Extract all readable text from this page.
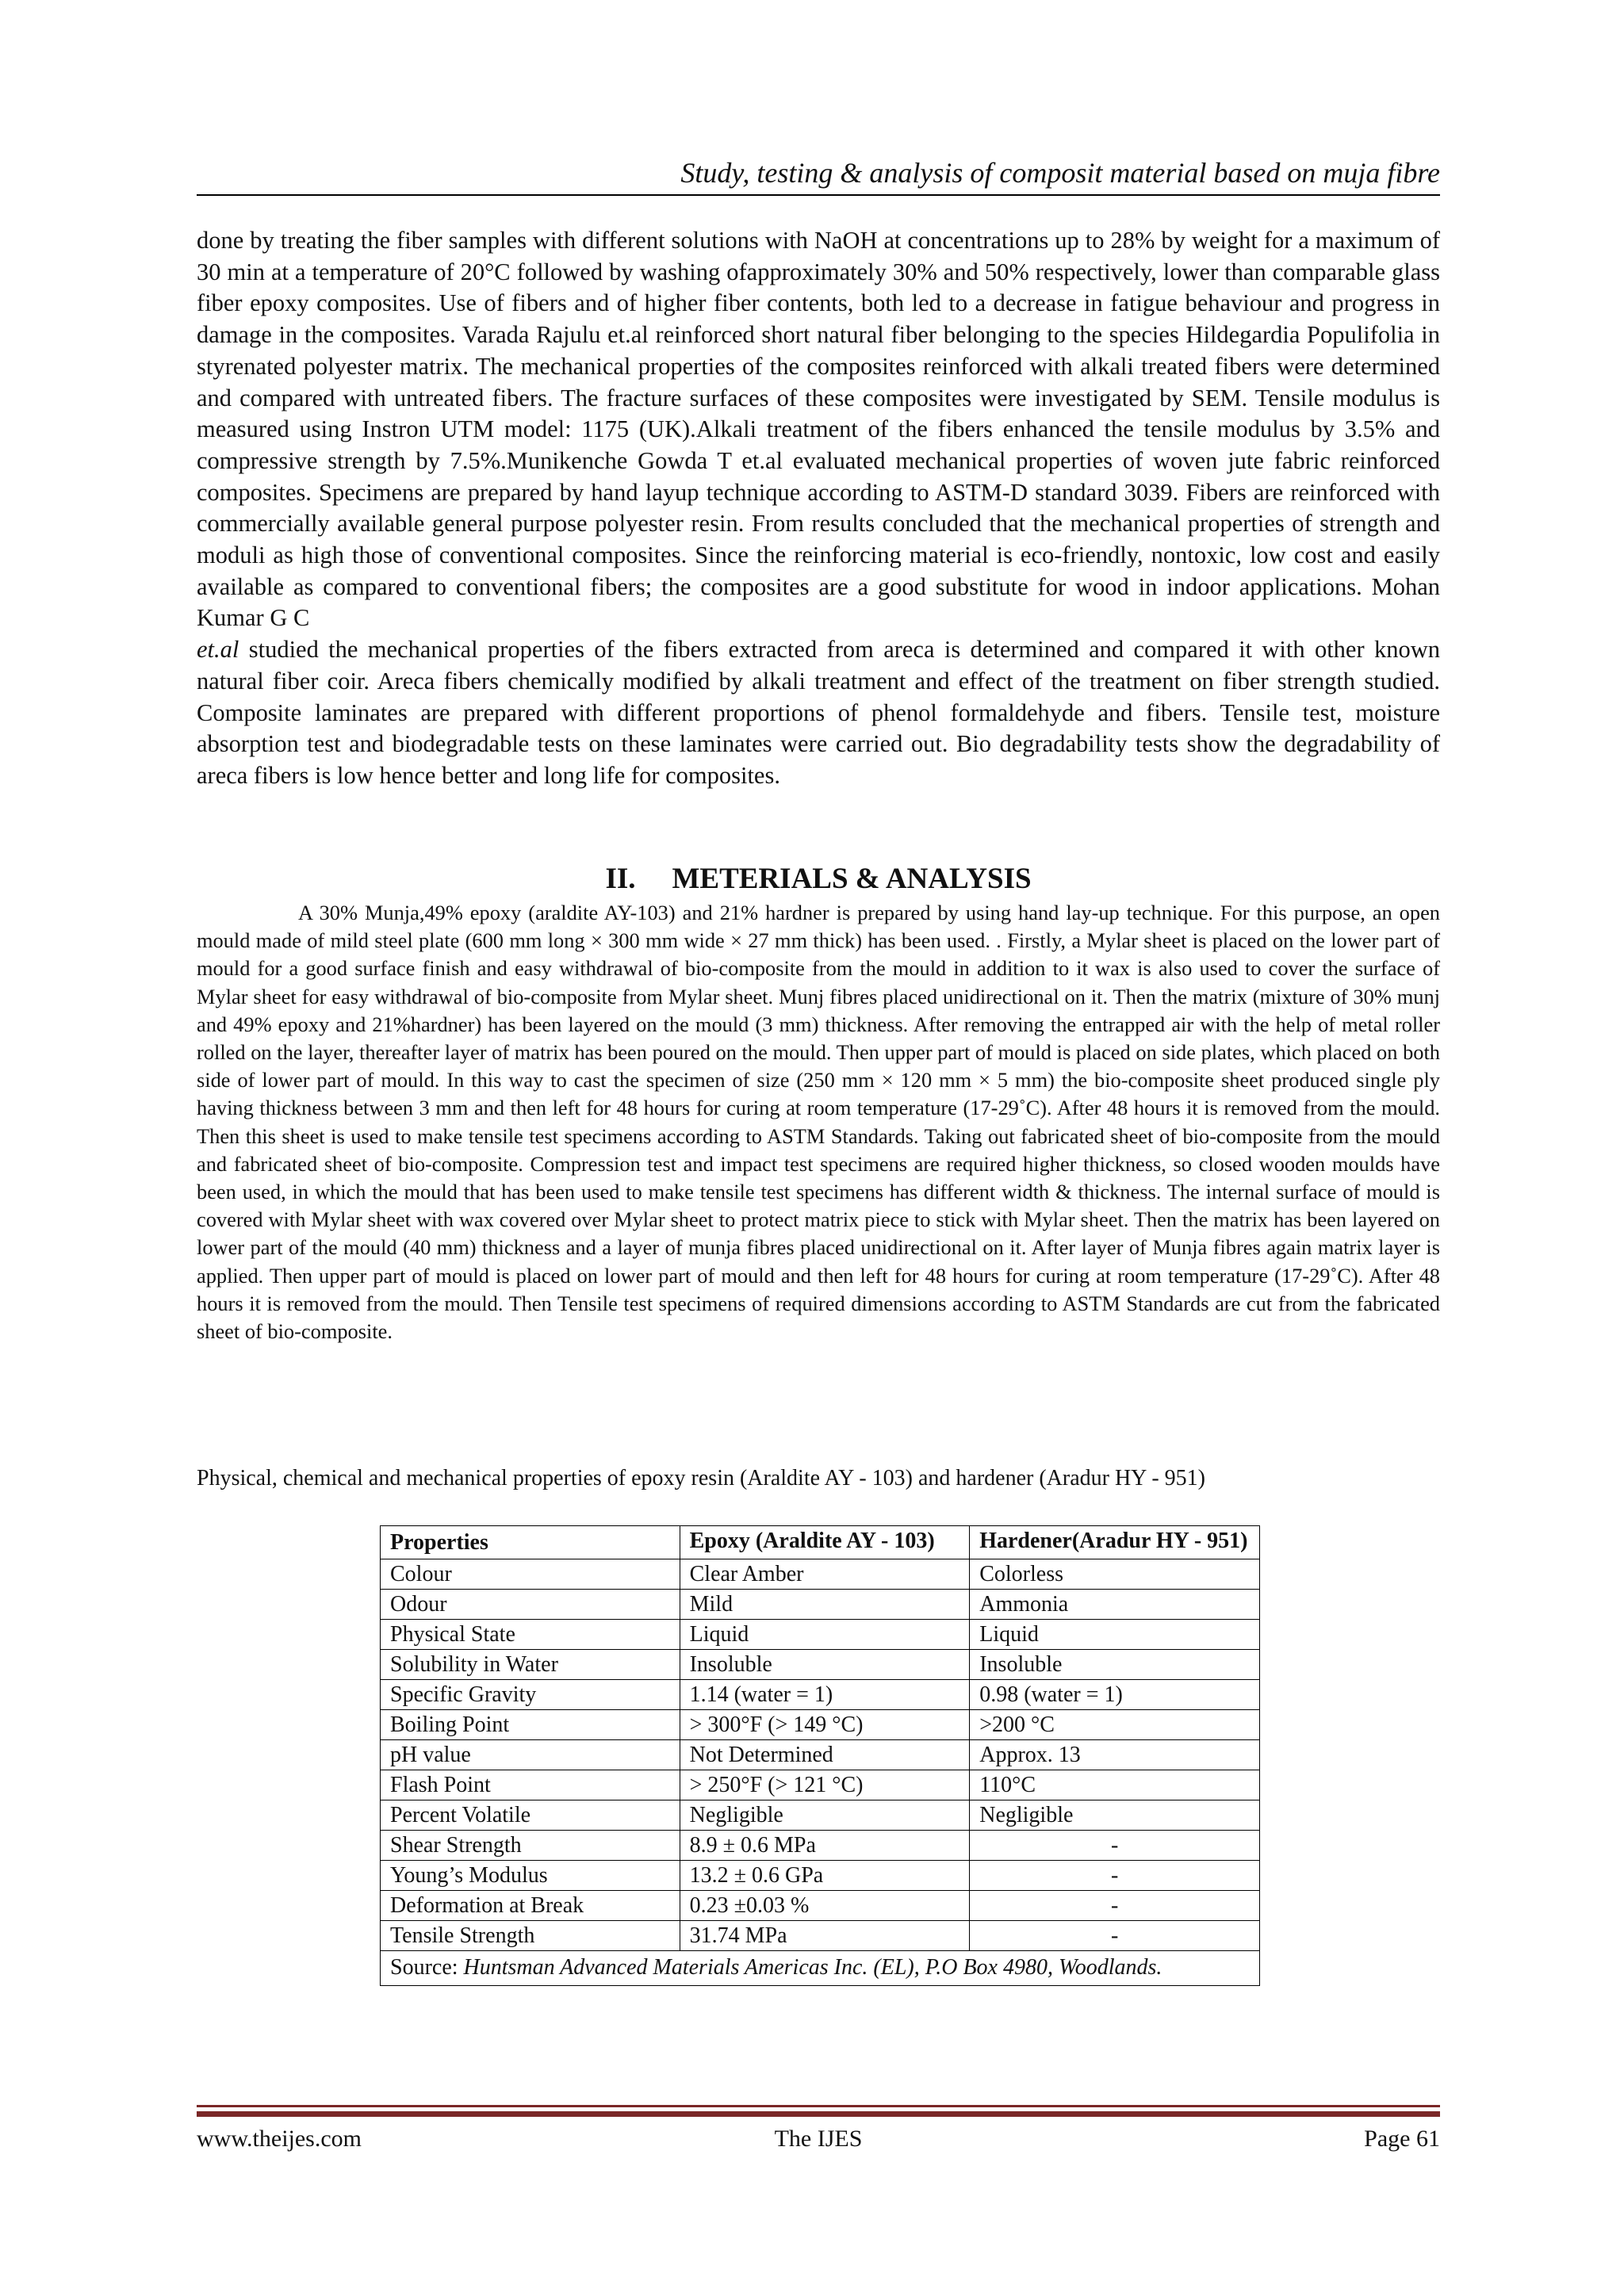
Study, testing & analysis of composit material based on muja fibre

done by treating the fiber samples with different solutions with NaOH at concentrations up to 28% by weight for a maximum of 30 min at a temperature of 20°C followed by washing ofapproximately 30% and 50% respectively, lower than comparable glass fiber epoxy composites. Use of fibers and of higher fiber contents, both led to a decrease in fatigue behaviour and progress in damage in the composites. Varada Rajulu et.al reinforced short natural fiber belonging to the species Hildegardia Populifolia in styrenated polyester matrix. The mechanical properties of the composites reinforced with alkali treated fibers were determined and compared with untreated fibers. The fracture surfaces of these composites were investigated by SEM. Tensile modulus is measured using Instron UTM model: 1175 (UK).Alkali treatment of the fibers enhanced the tensile modulus by 3.5% and compressive strength by 7.5%.Munikenche Gowda T et.al evaluated mechanical properties of woven jute fabric reinforced composites. Specimens are prepared by hand layup technique according to ASTM-D standard 3039. Fibers are reinforced with commercially available general purpose polyester resin. From results concluded that the mechanical properties of strength and moduli as high those of conventional composites. Since the reinforcing material is eco-friendly, nontoxic, low cost and easily available as compared to conventional fibers; the composites are a good substitute for wood in indoor applications. Mohan Kumar G C
et.al studied the mechanical properties of the fibers extracted from areca is determined and compared it with other known natural fiber coir. Areca fibers chemically modified by alkali treatment and effect of the treatment on fiber strength studied. Composite laminates are prepared with different proportions of phenol formaldehyde and fibers. Tensile test, moisture absorption test and biodegradable tests on these laminates were carried out. Bio degradability tests show the degradability of areca fibers is low hence better and long life for composites.

II. METERIALS & ANALYSIS

A 30% Munja,49% epoxy (araldite AY-103) and 21% hardner is prepared by using hand lay-up technique. For this purpose, an open mould made of mild steel plate (600 mm long × 300 mm wide × 27 mm thick) has been used. . Firstly, a Mylar sheet is placed on the lower part of mould for a good surface finish and easy withdrawal of bio-composite from the mould in addition to it wax is also used to cover the surface of Mylar sheet for easy withdrawal of bio-composite from Mylar sheet. Munj fibres placed unidirectional on it. Then the matrix (mixture of 30% munj and 49% epoxy and 21%hardner) has been layered on the mould (3 mm) thickness. After removing the entrapped air with the help of metal roller rolled on the layer, thereafter layer of matrix has been poured on the mould. Then upper part of mould is placed on side plates, which placed on both side of lower part of mould. In this way to cast the specimen of size (250 mm × 120 mm × 5 mm) the bio-composite sheet produced single ply having thickness between 3 mm and then left for 48 hours for curing at room temperature (17-29˚C). After 48 hours it is removed from the mould. Then this sheet is used to make tensile test specimens according to ASTM Standards. Taking out fabricated sheet of bio-composite from the mould and fabricated sheet of bio-composite. Compression test and impact test specimens are required higher thickness, so closed wooden moulds have been used, in which the mould that has been used to make tensile test specimens has different width & thickness. The internal surface of mould is covered with Mylar sheet with wax covered over Mylar sheet to protect matrix piece to stick with Mylar sheet. Then the matrix has been layered on lower part of the mould (40 mm) thickness and a layer of munja fibres placed unidirectional on it. After layer of Munja fibres again matrix layer is applied. Then upper part of mould is placed on lower part of mould and then left for 48 hours for curing at room temperature (17-29˚C). After 48 hours it is removed from the mould. Then Tensile test specimens of required dimensions according to ASTM Standards are cut from the fabricated sheet of bio-composite.

Physical, chemical and mechanical properties of epoxy resin (Araldite AY - 103) and hardener (Aradur HY - 951)

Properties	Epoxy (Araldite AY - 103)	Hardener(Aradur HY - 951)
Colour	Clear Amber	Colorless
Odour	Mild	Ammonia
Physical State	Liquid	Liquid
Solubility in Water	Insoluble	Insoluble
Specific Gravity	1.14 (water = 1)	0.98 (water = 1)
Boiling Point	> 300°F (> 149 °C)	>200 °C
pH value	Not Determined	Approx. 13
Flash Point	> 250°F (> 121 °C)	110°C
Percent Volatile	Negligible	Negligible
Shear Strength	8.9 ± 0.6 MPa	-
Young’s Modulus	13.2 ± 0.6 GPa	-
Deformation at Break	0.23 ±0.03 %	-
Tensile Strength	31.74 MPa	-
Source: Huntsman Advanced Materials Americas Inc. (EL), P.O Box 4980, Woodlands.		
www.theijes.com	The IJES	Page 61
